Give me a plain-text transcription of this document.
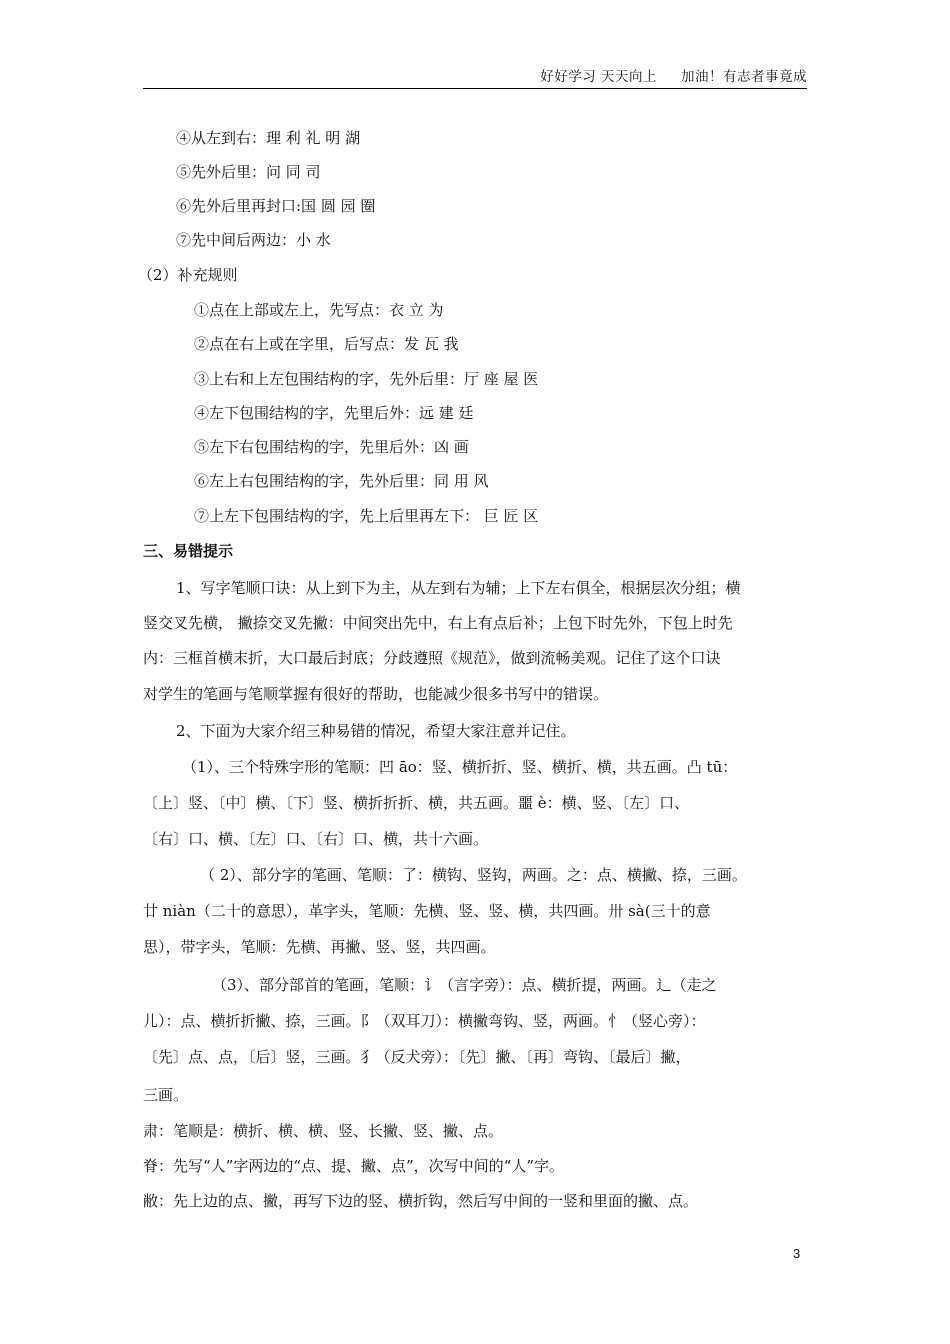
好好学习 天天向上     加油！有志者事竟成
④从左到右：理 利 礼 明 湖
⑤先外后里：问 同 司
⑥先外后里再封口:国 圆 园 圈
⑦先中间后两边：小 水
（2）补充规则
①点在上部或左上，先写点：衣 立 为
②点在右上或在字里，后写点：发 瓦 我
③上右和上左包围结构的字，先外后里：厅 座 屋 医
④左下包围结构的字，先里后外：远 建 廷
⑤左下右包围结构的字，先里后外：凶 画
⑥左上右包围结构的字，先外后里：同 用 风
⑦上左下包围结构的字，先上后里再左下： 巨 匠 区
三、易错提示
1、写字笔顺口诀：从上到下为主，从左到右为辅；上下左右俱全，根据层次分组；横
竖交叉先横， 撇捺交叉先撇：中间突出先中，右上有点后补；上包下时先外，下包上时先
内：三框首横末折，大口最后封底；分歧遵照《规范》，做到流畅美观。记住了这个口诀
对学生的笔画与笔顺掌握有很好的帮助，也能减少很多书写中的错误。
2、下面为大家介绍三种易错的情况，希望大家注意并记住。
（1）、三个特殊字形的笔顺：凹 āo：竖、横折折、竖、横折、横，共五画。凸 tū：
〔上〕竖、〔中〕横、〔下〕竖、横折折折、横，共五画。噩 è：横、竖、〔左〕口、
〔右〕口、横、〔左〕口、〔右〕口、横，共十六画。
（ 2）、部分字的笔画、笔顺：了：横钩、竖钩，两画。之：点、横撇、捺，三画。
廿 niàn（二十的意思），革字头，笔顺：先横、竖、竖、横，共四画。卅 sà(三十的意
思），带字头，笔顺：先横、再撇、竖、竖，共四画。
（3）、部分部首的笔画，笔顺：讠（言字旁）：点、横折提，两画。辶（走之
儿）：点、横折折撇、捺，三画。阝（双耳刀）：横撇弯钩、竖，两画。忄（竖心旁）：
〔先〕点、点，〔后〕竖，三画。犭（反犬旁）：〔先〕撇、〔再〕弯钩、〔最后〕撇，
三画。
肃：笔顺是：横折、横、横、竖、长撇、竖、撇、点。
脊：先写“人”字两边的“点、提、撇、点”，次写中间的“人”字。
敝：先上边的点、撇，再写下边的竖、横折钩，然后写中间的一竖和里面的撇、点。
3
